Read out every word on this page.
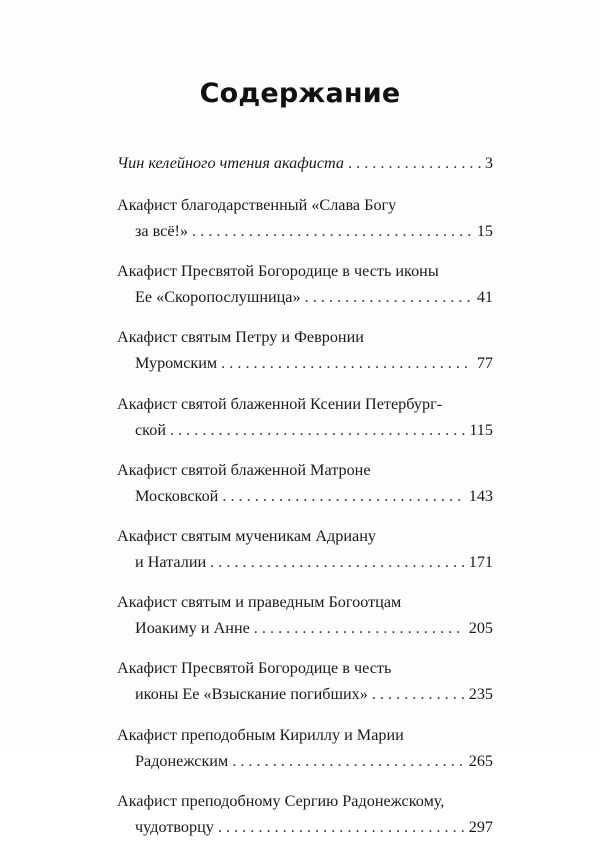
Содержание
Чин келейного чтения акафиста . . .	3
Акафист благодарственный «Слава Богу
за всё!» . . .	15
Акафист Пресвятой Богородице в честь иконы
Ее «Скоропослушница» . . .	41
Акафист святым Петру и Февронии
Муромским . . .	77
Акафист святой блаженной Ксении Петербург-
ской . . .	115
Акафист святой блаженной Матроне
Московской . . .	143
Акафист святым мученикам Адриану
и Наталии . . .	171
Акафист святым и праведным Богоотцам
Иоакиму и Анне . . .	205
Акафист Пресвятой Богородице в честь
иконы Ее «Взыскание погибших» . . .	235
Акафист преподобным Кириллу и Марии
Радонежским . . .	265
Акафист преподобному Сергию Радонежскому,
чудотворцу . . .	297
